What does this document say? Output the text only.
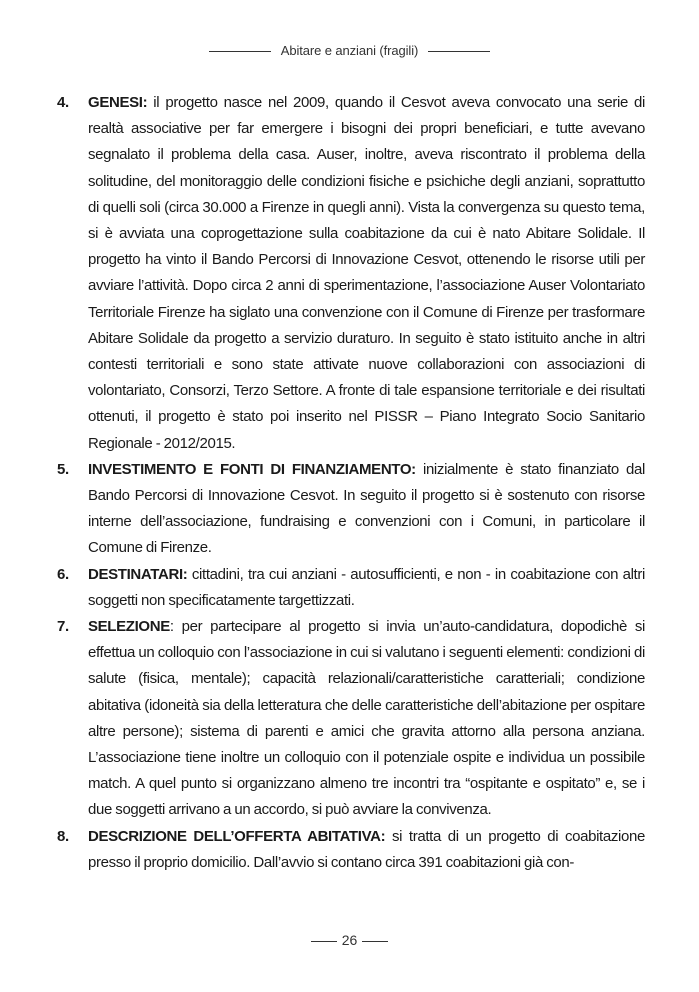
Abitare e anziani (fragili)
4. GENESI: il progetto nasce nel 2009, quando il Cesvot aveva convocato una serie di realtà associative per far emergere i bisogni dei propri beneficiari, e tutte avevano segnalato il problema della casa. Auser, inoltre, aveva riscontrato il problema della solitudine, del monitoraggio delle condizioni fisiche e psichiche degli anziani, soprattutto di quelli soli (circa 30.000 a Firenze in quegli anni). Vista la convergenza su questo tema, si è avviata una coprogettazione sulla coabitazione da cui è nato Abitare Solidale. Il progetto ha vinto il Bando Percorsi di Innovazione Cesvot, ottenendo le risorse utili per avviare l’attività. Dopo circa 2 anni di sperimentazione, l’associazione Auser Volontariato Territoriale Firenze ha siglato una convenzione con il Comune di Firenze per trasformare Abitare Solidale da progetto a servizio duraturo. In seguito è stato istituito anche in altri contesti territoriali e sono state attivate nuove collaborazioni con associazioni di volontariato, Consorzi, Terzo Settore. A fronte di tale espansione territoriale e dei risultati ottenuti, il progetto è stato poi inserito nel PISSR – Piano Integrato Socio Sanitario Regionale - 2012/2015.
5. INVESTIMENTO E FONTI DI FINANZIAMENTO: inizialmente è stato finanziato dal Bando Percorsi di Innovazione Cesvot. In seguito il progetto si è sostenuto con risorse interne dell’associazione, fundraising e convenzioni con i Comuni, in particolare il Comune di Firenze.
6. DESTINATARI: cittadini, tra cui anziani - autosufficienti, e non - in coabitazione con altri soggetti non specificatamente targettizzati.
7. SELEZIONE: per partecipare al progetto si invia un’auto-candidatura, dopodichè si effettua un colloquio con l’associazione in cui si valutano i seguenti elementi: condizioni di salute (fisica, mentale); capacità relazionali/caratteristiche caratteriali; condizione abitativa (idoneità sia della letteratura che delle caratteristiche dell’abitazione per ospitare altre persone); sistema di parenti e amici che gravita attorno alla persona anziana. L’associazione tiene inoltre un colloquio con il potenziale ospite e individua un possibile match. A quel punto si organizzano almeno tre incontri tra “ospitante e ospitato” e, se i due soggetti arrivano a un accordo, si può avviare la convivenza.
8. DESCRIZIONE DELL’OFFERTA ABITATIVA: si tratta di un progetto di coabitazione presso il proprio domicilio. Dall’avvio si contano circa 391 coabitazioni già con-
26
